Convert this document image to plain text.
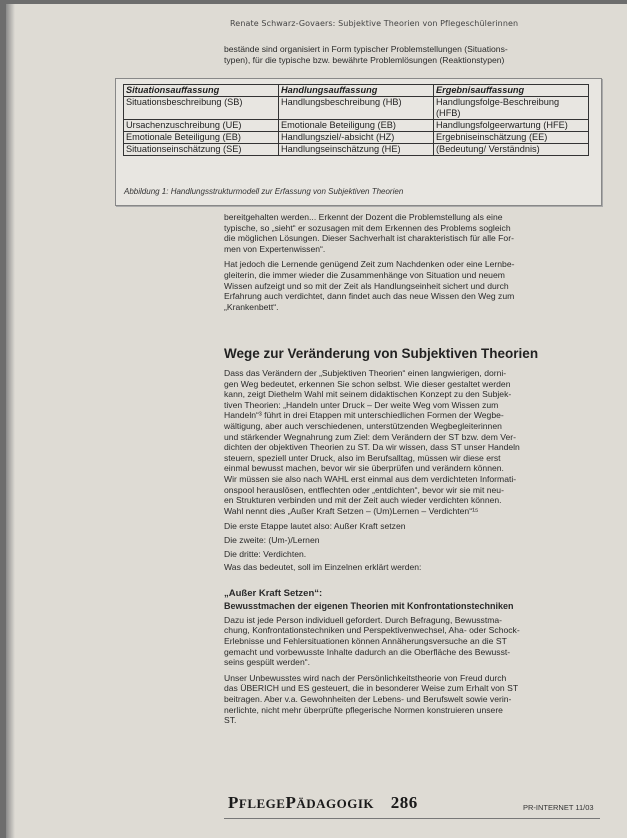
Renate Schwarz-Govaers: Subjektive Theorien von Pflegeschülerinnen
bestände sind organisiert in Form typischer Problemstellungen (Situations-
typen), für die typische bzw. bewährte Problemlösungen (Reaktionstypen)
Situationsauffassung	Handlungsauffassung	Ergebnisauffassung
Situationsbeschreibung (SB)	Handlungsbeschreibung (HB)	Handlungsfolge-Beschreibung (HFB)
Ursachenzuschreibung (UE)	Emotionale Beteiligung (EB)	Handlungsfolgeerwartung (HFE)
Emotionale Beteiligung (EB)	Handlungsziel/-absicht (HZ)	Ergebniseinschätzung (EE)
Situationseinschätzung (SE)	Handlungseinschätzung (HE)	(Bedeutung/ Verständnis)
Abbildung 1: Handlungsstrukturmodell zur Erfassung von Subjektiven Theorien

bereitgehalten werden... Erkennt der Dozent die Problemstellung als eine
typische, so „sieht“ er sozusagen mit dem Erkennen des Problems sogleich
die möglichen Lösungen. Dieser Sachverhalt ist charakteristisch für alle For-
men von Expertenwissen“.

Hat jedoch die Lernende genügend Zeit zum Nachdenken oder eine Lernbe-
gleiterin, die immer wieder die Zusammenhänge von Situation und neuem
Wissen aufzeigt und so mit der Zeit als Handlungseinheit sichert und durch
Erfahrung auch verdichtet, dann findet auch das neue Wissen den Weg zum
„Krankenbett“.

Wege zur Veränderung von Subjektiven Theorien

Dass das Verändern der „Subjektiven Theorien“ einen langwierigen, dorni-
gen Weg bedeutet, erkennen Sie schon selbst. Wie dieser gestaltet werden
kann, zeigt Diethelm Wahl mit seinem didaktischen Konzept zu den Subjek-
tiven Theorien: „Handeln unter Druck – Der weite Weg vom Wissen zum
Handeln“³ führt in drei Etappen mit unterschiedlichen Formen der Wegbe-
wältigung, aber auch verschiedenen, unterstützenden Wegbegleiterinnen
und stärkender Wegnahrung zum Ziel: dem Verändern der ST bzw. dem Ver-
dichten der objektiven Theorien zu ST. Da wir wissen, dass ST unser Handeln
steuern, speziell unter Druck, also im Berufsalltag, müssen wir diese erst
einmal bewusst machen, bevor wir sie überprüfen und verändern können.
Wir müssen sie also nach WAHL erst einmal aus dem verdichteten Informati-
onspool herauslösen, entflechten oder „entdichten“, bevor wir sie mit neu-
en Strukturen verbinden und mit der Zeit auch wieder verdichten können.
Wahl nennt dies „Außer Kraft Setzen – (Um)Lernen – Verdichten“¹⁵

Die erste Etappe lautet also: Außer Kraft setzen

Die zweite: (Um-)/Lernen

Die dritte: Verdichten.

Was das bedeutet, soll im Einzelnen erklärt werden:

„Außer Kraft Setzen“:

Bewusstmachen der eigenen Theorien mit Konfrontationstechniken

Dazu ist jede Person individuell gefordert. Durch Befragung, Bewusstma-
chung, Konfrontationstechniken und Perspektivenwechsel, Aha- oder Schock-
Erlebnisse und Fehlersituationen können Annäherungsversuche an die ST
gemacht und vorbewusste Inhalte dadurch an die Oberfläche des Bewusst-
seins gespült werden“.

Unser Unbewusstes wird nach der Persönlichkeitstheorie von Freud durch
das ÜBERICH und ES gesteuert, die in besonderer Weise zum Erhalt von ST
beitragen. Aber v.a. Gewohnheiten der Lebens- und Berufswelt sowie verin-
nerlichte, nicht mehr überprüfte pflegerische Normen konstruieren unsere
ST.

PFLEGEPÄDAGOGIK 286	PR-INTERNET 11/03
